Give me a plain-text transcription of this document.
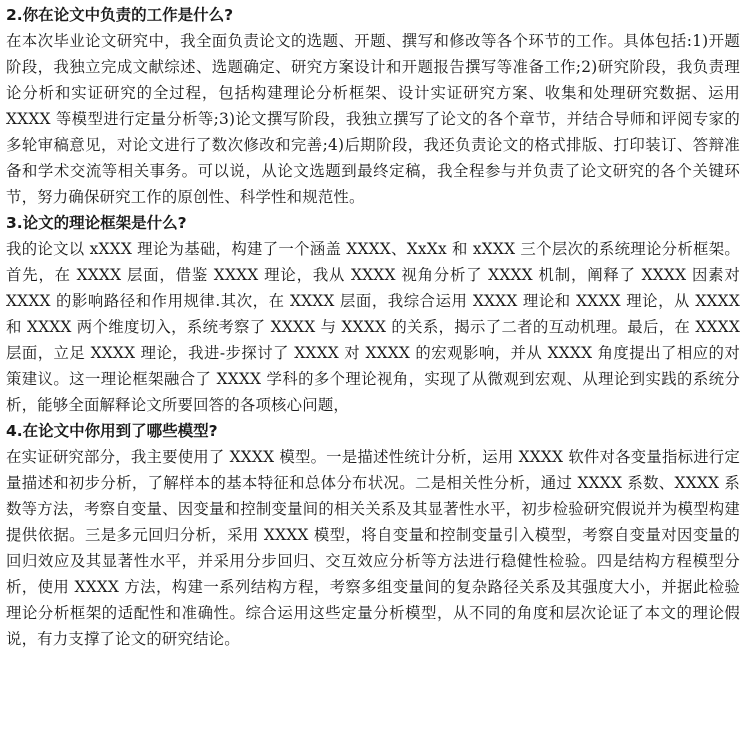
2.你在论文中负责的工作是什么?

在本次毕业论文研究中，我全面负责论文的选题、开题、撰写和修改等各个环节的工作。具体包括:1)开题阶段，我独立完成文献综述、选题确定、研究方案设计和开题报告撰写等准备工作;2)研究阶段，我负责理论分析和实证研究的全过程，包括构建理论分析框架、设计实证研究方案、收集和处理研究数据、运用 XXXX 等模型进行定量分析等;3)论文撰写阶段，我独立撰写了论文的各个章节，并结合导师和评阅专家的多轮审稿意见，对论文进行了数次修改和完善;4)后期阶段，我还负责论文的格式排版、打印装订、答辩准备和学术交流等相关事务。可以说，从论文选题到最终定稿，我全程参与并负责了论文研究的各个关键环节，努力确保研究工作的原创性、科学性和规范性。

3.论文的理论框架是什么?

我的论文以 xXXX 理论为基础，构建了一个涵盖 XXXX、XxXx 和 xXXX 三个层次的系统理论分析框架。首先，在 XXXX 层面，借鉴 XXXX 理论，我从 XXXX 视角分析了 XXXX 机制，阐释了 XXXX 因素对 XXXX 的影响路径和作用规律.其次，在 XXXX 层面，我综合运用 XXXX 理论和 XXXX 理论，从 XXXX 和 XXXX 两个维度切入，系统考察了 XXXX 与 XXXX 的关系，揭示了二者的互动机理。最后，在 XXXX 层面，立足 XXXX 理论，我进-步探讨了 XXXX 对 XXXX 的宏观影响，并从 XXXX 角度提出了相应的对策建议。这一理论框架融合了 XXXX 学科的多个理论视角，实现了从微观到宏观、从理论到实践的系统分析，能够全面解释论文所要回答的各项核心问题，

4.在论文中你用到了哪些模型?

在实证研究部分，我主要使用了 XXXX 模型。一是描述性统计分析，运用 XXXX 软件对各变量指标进行定量描述和初步分析，了解样本的基本特征和总体分布状况。二是相关性分析，通过 XXXX 系数、XXXX 系数等方法，考察自变量、因变量和控制变量间的相关关系及其显著性水平，初步检验研究假说并为模型构建提供依据。三是多元回归分析，采用 XXXX 模型，将自变量和控制变量引入模型，考察自变量对因变量的回归效应及其显著性水平，并采用分步回归、交互效应分析等方法进行稳健性检验。四是结构方程模型分析，使用 XXXX 方法，构建一系列结构方程，考察多组变量间的复杂路径关系及其强度大小，并据此检验理论分析框架的适配性和准确性。综合运用这些定量分析模型，从不同的角度和层次论证了本文的理论假说，有力支撑了论文的研究结论。
